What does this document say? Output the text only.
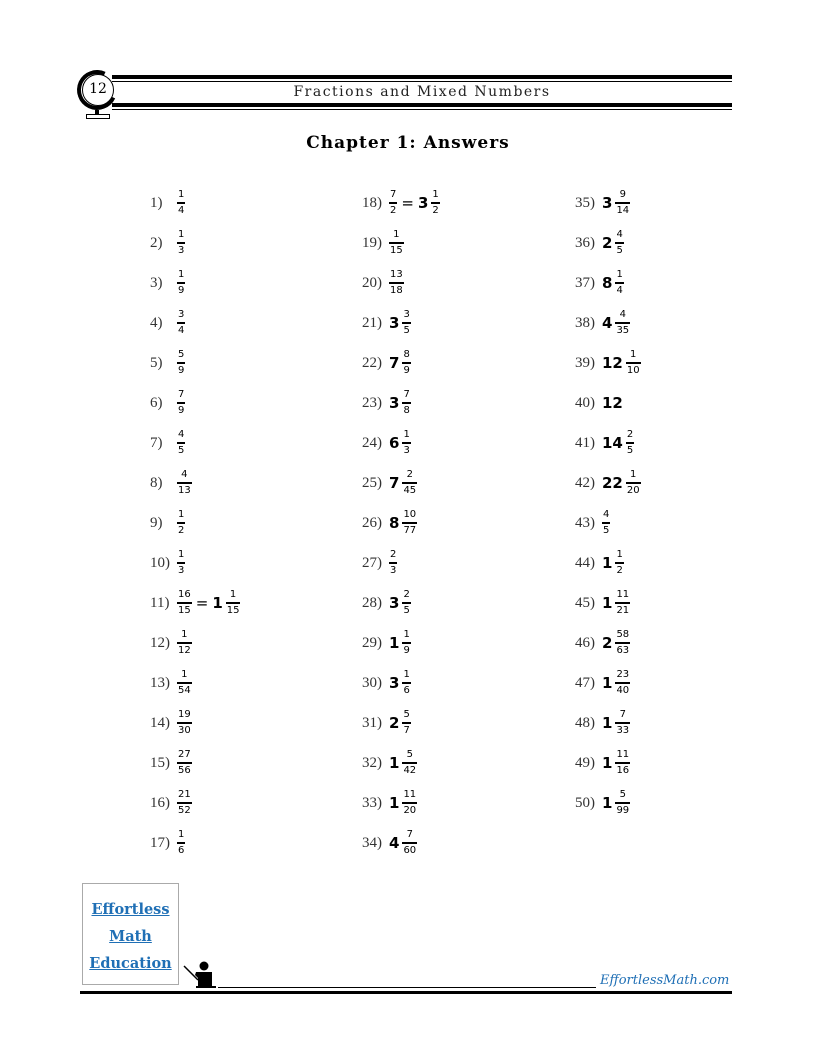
Fractions and Mixed Numbers
12
Chapter 1: Answers
1)	$\frac{1}{4}$
2)	$\frac{1}{3}$
3)	$\frac{1}{9}$
4)	$\frac{3}{4}$
5)	$\frac{5}{9}$
6)	$\frac{7}{9}$
7)	$\frac{4}{5}$
8)	$\frac{4}{13}$
9)	$\frac{1}{2}$
$10) \frac{1}{3}$
$11) \frac{16}{15} = 1 \frac{1}{15}$
$12) \frac{1}{12}$
$13) \frac{1}{54}$
$14) \frac{19}{30}$
$15) \frac{27}{56}$
$16) \frac{21}{52}$
$17) \frac{1}{6}$
$18) \frac{7}{2} = 3 \frac{1}{2}$
$19) \frac{1}{15}$
$20) \frac{13}{18}$
21) $3 \frac{3}{5}$
22) $7 \frac{8}{9}$
23) $3 \frac{7}{8}$
24) $6 \frac{1}{3}$
25) $7 \frac{2}{45}$
26) $8 \frac{10}{77}$
$27) \frac{2}{3}$
28) $3 \frac{2}{5}$
29) $1 \frac{1}{9}$
30) $3 \frac{1}{6}$
31) $2 \frac{5}{7}$
32) $1 \frac{5}{42}$
33) $1 \frac{11}{20}$
34) $4 \frac{7}{60}$
35) $3 \frac{9}{14}$
36) $2 \frac{4}{5}$
37) $8 \frac{1}{4}$
38) $4 \frac{4}{35}$
39) $12 \frac{1}{10}$
40) 12
41) $14 \frac{2}{5}$
42) $22 \frac{1}{20}$
$43) \frac{4}{5}$
44) $1 \frac{1}{2}$
45) $1 \frac{11}{21}$
46) $2 \frac{58}{63}$
47) $1 \frac{23}{40}$
48) $1 \frac{7}{33}$
49) $1 \frac{11}{16}$
50) $1 \frac{5}{99}$
Effortless
Math
Education
EffortlessMath.com
